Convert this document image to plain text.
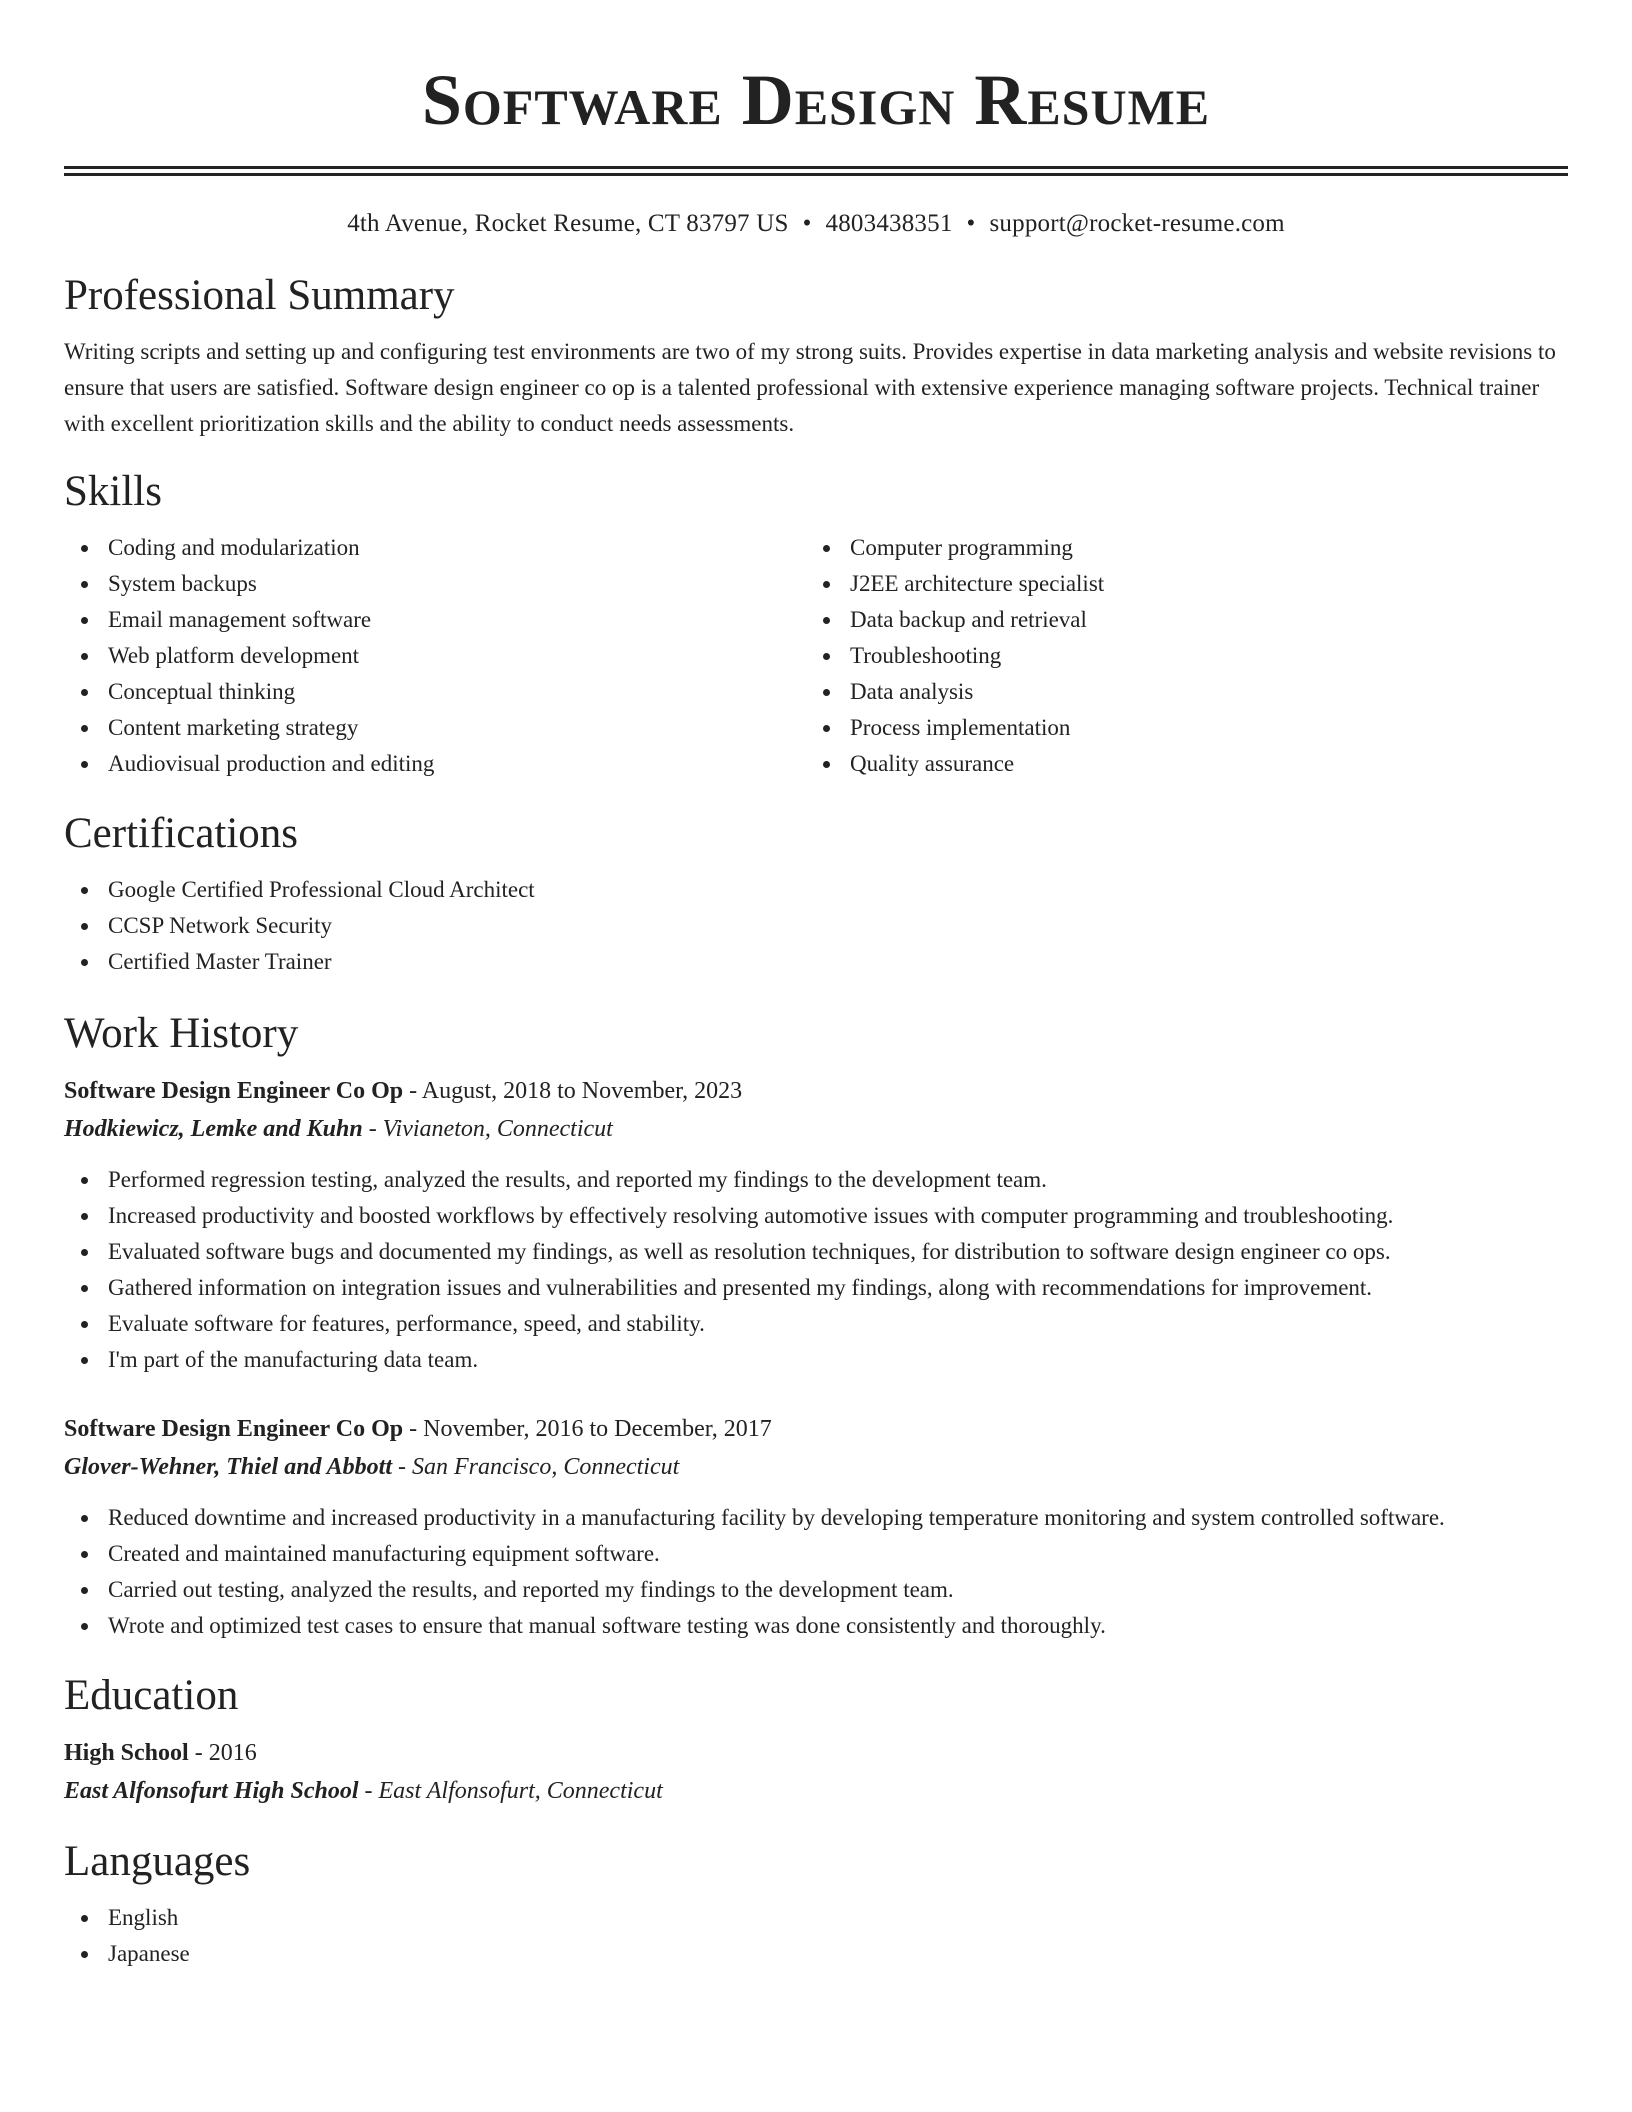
Software Design Resume
4th Avenue, Rocket Resume, CT 83797 US • 4803438351 • support@rocket-resume.com
Professional Summary

Writing scripts and setting up and configuring test environments are two of my strong suits. Provides expertise in data marketing analysis and website revisions to ensure that users are satisfied. Software design engineer co op is a talented professional with extensive experience managing software projects. Technical trainer with excellent prioritization skills and the ability to conduct needs assessments.

Skills
Coding and modularization
System backups
Email management software
Web platform development
Conceptual thinking
Content marketing strategy
Audiovisual production and editing
Computer programming
J2EE architecture specialist
Data backup and retrieval
Troubleshooting
Data analysis
Process implementation
Quality assurance
Certifications
Google Certified Professional Cloud Architect
CCSP Network Security
Certified Master Trainer
Work History
Software Design Engineer Co Op - August, 2018 to November, 2023
Hodkiewicz, Lemke and Kuhn - Vivianeton, Connecticut
Performed regression testing, analyzed the results, and reported my findings to the development team.
Increased productivity and boosted workflows by effectively resolving automotive issues with computer programming and troubleshooting.
Evaluated software bugs and documented my findings, as well as resolution techniques, for distribution to software design engineer co ops.
Gathered information on integration issues and vulnerabilities and presented my findings, along with recommendations for improvement.
Evaluate software for features, performance, speed, and stability.
I'm part of the manufacturing data team.
Software Design Engineer Co Op - November, 2016 to December, 2017
Glover-Wehner, Thiel and Abbott - San Francisco, Connecticut
Reduced downtime and increased productivity in a manufacturing facility by developing temperature monitoring and system controlled software.
Created and maintained manufacturing equipment software.
Carried out testing, analyzed the results, and reported my findings to the development team.
Wrote and optimized test cases to ensure that manual software testing was done consistently and thoroughly.
Education
High School - 2016
East Alfonsofurt High School - East Alfonsofurt, Connecticut
Languages
English
Japanese
